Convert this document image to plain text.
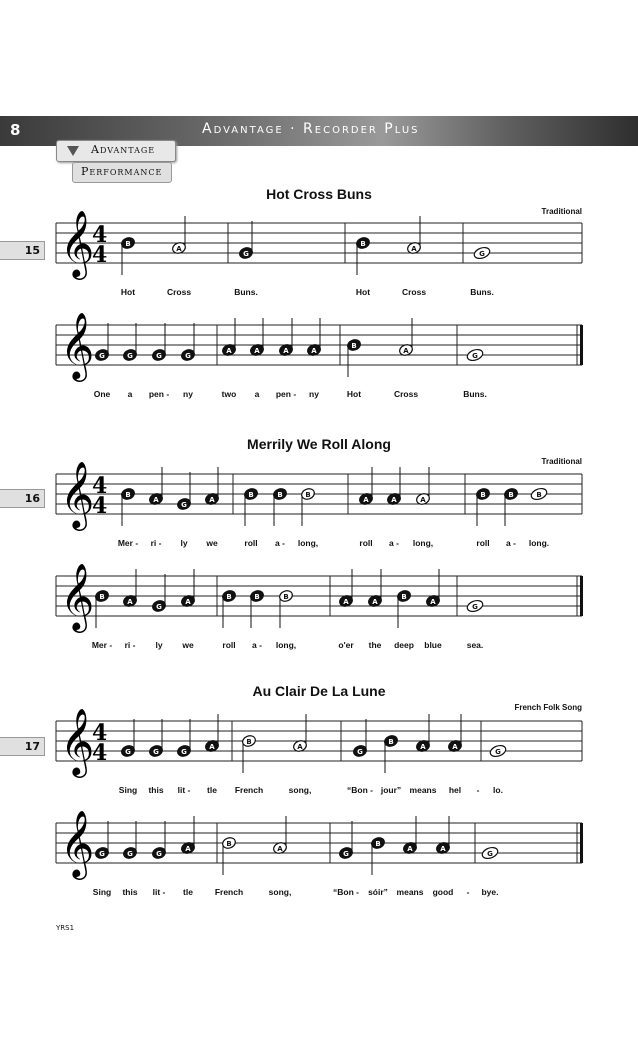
8	Advantage · Recorder Plus
Advantage
Performance
𝄞
4
4	B
A
G
B
A
G
𝄞 G	G	G	G
A	A	A	A
B
A
G
𝄞
4
4	B
A
G
A
B	B	B
A	A	A
B	B	B
𝄞 B
A
G
A
B	B	B
A	A
B
A
G
𝄞
4
4	G	G	G
A
B
A
G
B
A	A
G
𝄞 G	G	G
A
B
A
G
B
A	A
G
Hot Cross Buns
Traditional
15
Hot	Cross	Buns.	Hot	Cross	Buns.
One a pen - ny	two a pen - ny	Hot	Cross	Buns.
Merrily We Roll Along
Traditional
16
Mer - ri - ly we	roll a - long,	roll a - long,	roll a - long.
Mer - ri - ly we	roll a - long,	o'er the deep blue	sea.
Au Clair De La Lune
French Folk Song
17
Sing this lit - tle French	song,	“Bon - jour” means hel - lo.
Sing this lit - tle	French	song,	“Bon - sóir” means good - bye.
YRS1
